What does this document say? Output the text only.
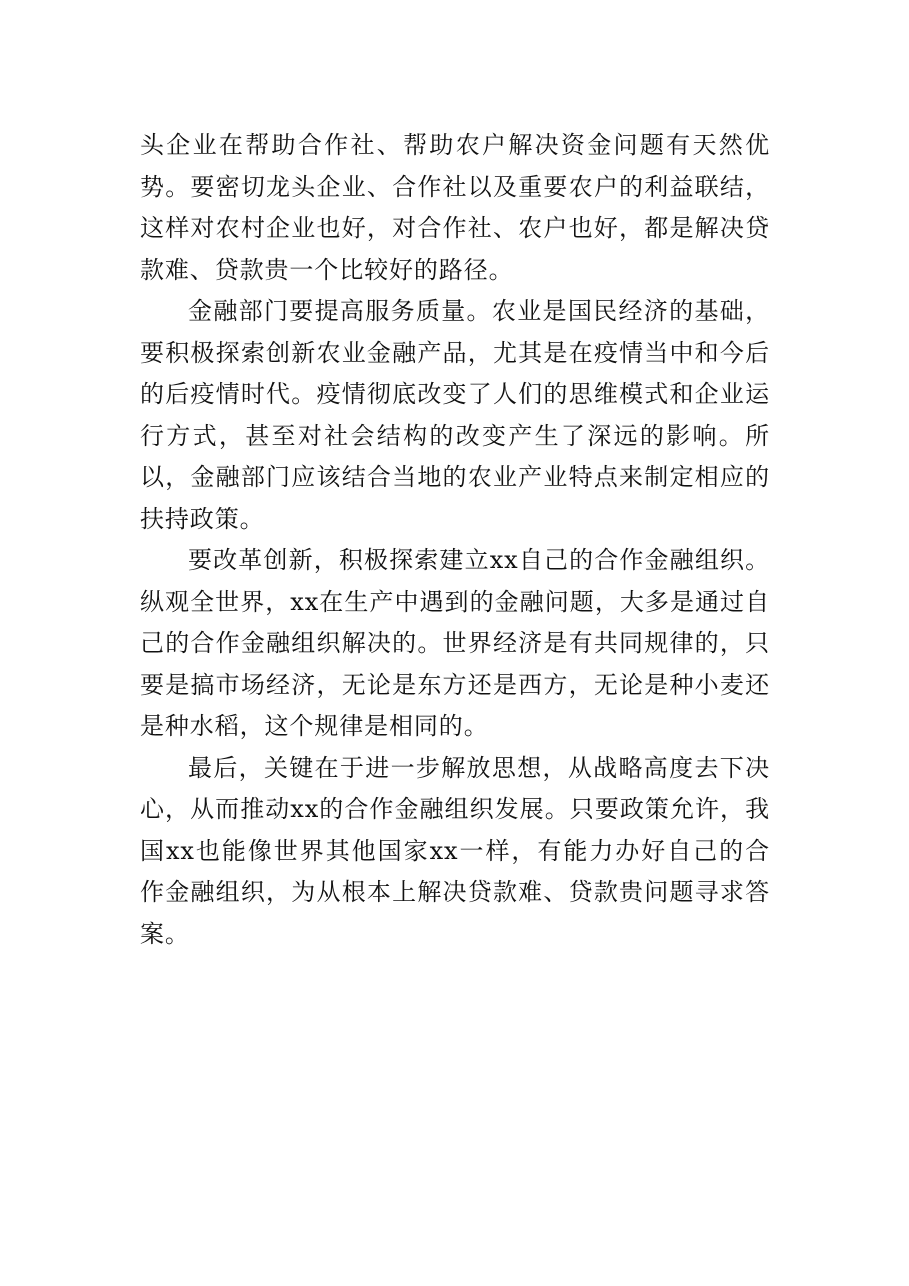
头企业在帮助合作社、帮助农户解决资金问题有天然优势。要密切龙头企业、合作社以及重要农户的利益联结，这样对农村企业也好，对合作社、农户也好，都是解决贷款难、贷款贵一个比较好的路径。

金融部门要提高服务质量。农业是国民经济的基础，要积极探索创新农业金融产品，尤其是在疫情当中和今后的后疫情时代。疫情彻底改变了人们的思维模式和企业运行方式，甚至对社会结构的改变产生了深远的影响。所以，金融部门应该结合当地的农业产业特点来制定相应的扶持政策。

要改革创新，积极探索建立xx自己的合作金融组织。纵观全世界，xx在生产中遇到的金融问题，大多是通过自己的合作金融组织解决的。世界经济是有共同规律的，只要是搞市场经济，无论是东方还是西方，无论是种小麦还是种水稻，这个规律是相同的。

最后，关键在于进一步解放思想，从战略高度去下决心，从而推动xx的合作金融组织发展。只要政策允许，我国xx也能像世界其他国家xx一样，有能力办好自己的合作金融组织，为从根本上解决贷款难、贷款贵问题寻求答案。
